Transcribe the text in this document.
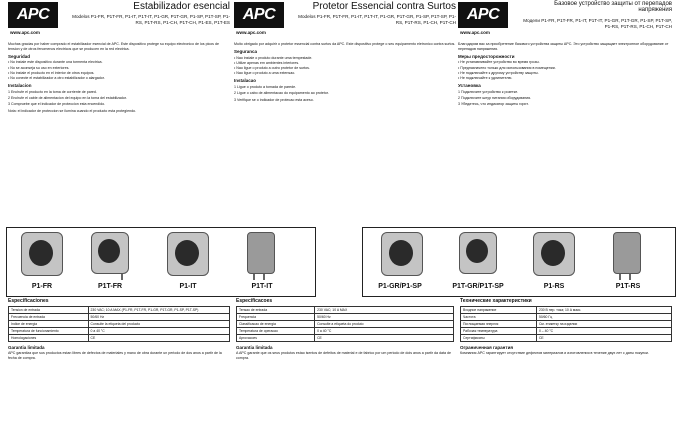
APC
www.apc.com
Estabilizador esencial
Modelos P1-FR, P1T-FR, P1-IT, P1T-IT, P1-GR, P1T-GR, P1-SP, P1T-SP, P1-RS, P1T-RS, P1-CH, P1T-CH, P1-ES, P1T-ES

Muchas gracias por haber comprado el estabilizador esencial de APC. Este dispositivo protege su equipo electronico de los picos de tension y de otros fenomenos electricos que se producen en la red electrica.

Seguridad
• No instale este dispositivo durante una tormenta electrica.
• No se aconseja su uso en exteriores.
• No instale el producto en el interior de otros equipos.
• No conecte el estabilizador a otro estabilizador o alargador.
Instalacion
1 Enchufe el producto en la toma de corriente de pared.
2 Enchufe el cable de alimentacion del equipo en la toma del estabilizador.
3 Compruebe que el indicador de proteccion esta encendido.

Nota: el indicador de proteccion se ilumina cuando el producto esta protegiendo.

APC
www.apc.com
Protetor Essencial contra Surtos
Modelos P1-FR, P1T-FR, P1-IT, P1T-IT, P1-GR, P1T-GR, P1-SP, P1T-SP, P1-RS, P1T-RS, P1-CH, P1T-CH

Muito obrigado por adquirir o protetor essencial contra surtos da APC. Este dispositivo protege o seu equipamento eletronico contra surtos.

Seguranca
• Nao instale o produto durante uma tempestade.
• Utilize apenas em ambientes interiores.
• Nao ligue o produto a outro protetor de surtos.
• Nao ligue o produto a uma extensao.
Instalacao
1 Ligue o produto a tomada de parede.
2 Ligue o cabo de alimentacao do equipamento ao protetor.
3 Verifique se o indicador de protecao esta aceso.
APC
www.apc.com
Базовое устройство защиты от перепадов напряжения
Модели P1-FR, P1T-FR, P1-IT, P1T-IT, P1-GR, P1T-GR, P1-SP, P1T-SP, P1-RS, P1T-RS, P1-CH, P1T-CH

Благодарим вас за приобретение базового устройства защиты APC. Это устройство защищает электронное оборудование от перепадов напряжения.

Меры предосторожности
• Не устанавливайте устройство во время грозы.
• Предназначено только для использования в помещении.
• Не подключайте к другому устройству защиты.
• Не подключайте к удлинителю.
Установка
1 Подключите устройство к розетке.
2 Подключите шнур питания оборудования.
3 Убедитесь, что индикатор защиты горит.
P1-FR	P1T-FR	P1-IT	P1T-IT	P1-GR/P1-SP	P1T-GR/P1T-SP	P1-RS	P1T-RS
Especificaciones
Tension de entrada	230 VAC; 10 A MAX (P1-FR, P1T-FR, P1-GR, P1T-GR, P1-SP, P1T-SP)
Frecuencia de entrada	50/60 Hz
Indice de energia	Consulte la etiqueta del producto
Temperatura de funcionamiento	0 a 40 °C
Homologaciones	CE
Garantia limitada
APC garantiza que sus productos estan libres de defectos de materiales y mano de obra durante un periodo de dos anos a partir de la fecha de compra.
Especificacoes
Tensao de entrada	230 VAC; 10 A MAX
Frequencia	50/60 Hz
Classificacao de energia	Consulte a etiqueta do produto
Temperatura de operacao	0 a 40 °C
Aprovacoes	CE
Garantia limitada
A APC garante que os seus produtos estao isentos de defeitos de material e de fabrico por um periodo de dois anos a partir da data de compra.
Технические характеристики
Входное напряжение	230 В пер. тока; 10 А макс.
Частота	50/60 Гц
Поглощаемая энергия	См. этикетку на изделии
Рабочая температура	0 – 40 °C
Сертификаты	CE
Ограниченная гарантия
Компания APC гарантирует отсутствие дефектов материалов и изготовления в течение двух лет с даты покупки.
